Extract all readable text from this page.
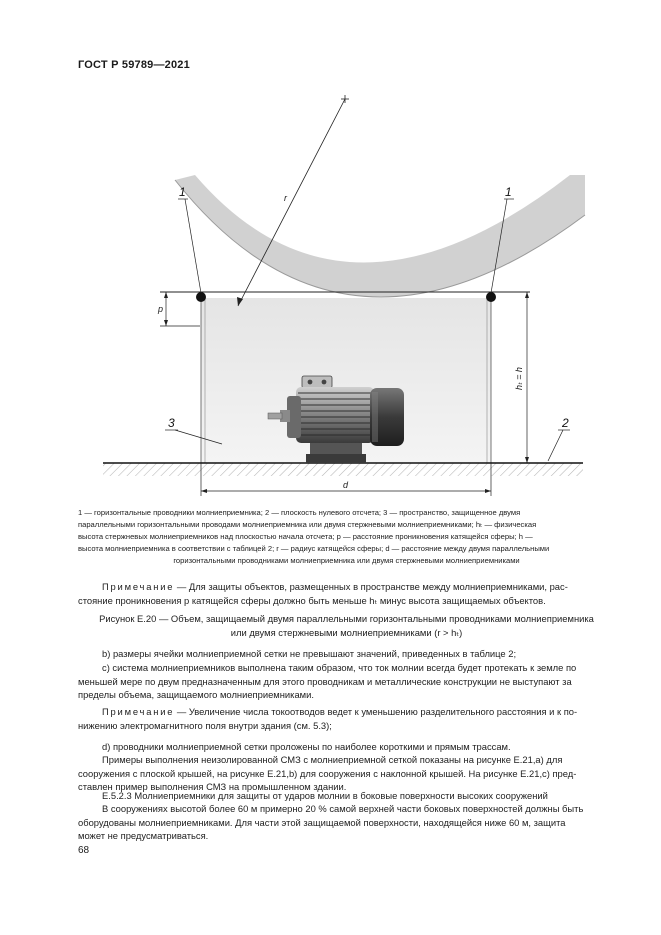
ГОСТ Р 59789—2021
1	1
2
3
r
p
hₜ = h
d
1 — горизонтальные проводники молниеприемника; 2 — плоскость нулевого отсчета; 3 — пространство, защищенное двумя
параллельными горизонтальными проводами молниеприемника или двумя стержневыми молниеприемниками; hₜ — физическая
высота стержневых молниеприемников над плоскостью начала отсчета; p — расстояние проникновения катящейся сферы; h —
высота молниеприемника в соответствии с таблицей 2; r — радиус катящейся сферы; d — расстояние между двумя параллельными
горизонтальными проводниками молниеприемника или двумя стержневыми молниеприемниками
Примечание — Для защиты объектов, размещенных в пространстве между молниеприемниками, рас-
стояние проникновения p катящейся сферы должно быть меньше hₜ минус высота защищаемых объектов.
Рисунок Е.20 — Объем, защищаемый двумя параллельными горизонтальными проводниками молниеприемника
или двумя стержневыми молниеприемниками (r > hₜ)
b) размеры ячейки молниеприемной сетки не превышают значений, приведенных в таблице 2;
c) система молниеприемников выполнена таким образом, что ток молнии всегда будет протекать к земле по
меньшей мере по двум предназначенным для этого проводникам и металлические конструкции не выступают за
пределы объема, защищаемого молниеприемниками.
Примечание — Увеличение числа токоотводов ведет к уменьшению разделительного расстояния и к по-
нижению электромагнитного поля внутри здания (см. 5.3);
d) проводники молниеприемной сетки проложены по наиболее короткими и прямым трассам.
Примеры выполнения неизолированной СМЗ с молниеприемной сеткой показаны на рисунке Е.21,a) для
сооружения с плоской крышей, на рисунке Е.21,b) для сооружения с наклонной крышей. На рисунке Е.21,c) пред-
ставлен пример выполнения СМЗ на промышленном здании.
Е.5.2.3 Молниеприемники для защиты от ударов молнии в боковые поверхности высоких сооружений
В сооружениях высотой более 60 м примерно 20 % самой верхней части боковых поверхностей должны быть
оборудованы молниеприемниками. Для части этой защищаемой поверхности, находящейся ниже 60 м, защита
может не предусматриваться.
68
